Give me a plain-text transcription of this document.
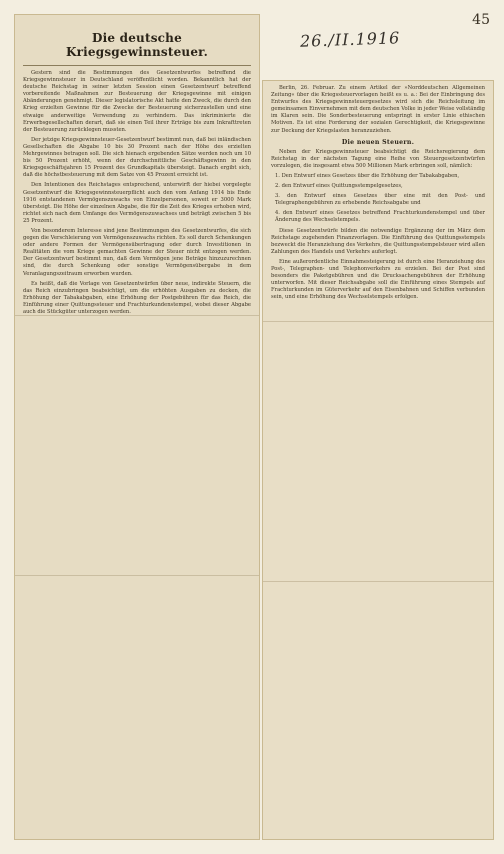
45
26./II.1916
Die deutsche Kriegsgewinnsteuer.

Gestern sind die Bestimmungen des Gesetzentwurfes betreffend die Kriegsgewinnsteuer in Deutschland veröffentlicht worden. Bekanntlich hat der deutsche Reichstag in seiner letzten Session einen Gesetzentwurf betreffend vorbereitende Maßnahmen zur Besteuerung der Kriegsgewinne mit einigen Abänderungen genehmigt. Dieser legislatorische Akt hatte den Zweck, die durch den Krieg erzielten Gewinne für die Zwecke der Besteuerung sicherzustellen und eine etwaige anderweitige Verwendung zu verhindern. Das inkriminierte die Erwerbsgesellschaften derart, daß sie einen Teil ihrer Erträge bis zum Inkrafttreten der Besteuerung zurücklegen mussten.

Der jetzige Kriegsgewinnsteuer-Gesetzentwurf bestimmt nun, daß bei inländischen Gesellschaften die Abgabe 10 bis 30 Prozent nach der Höhe des erzielten Mehrgewinnes betragen soll. Die sich hienach ergebenden Sätze werden noch um 10 bis 50 Prozent erhöht, wenn der durchschnittliche Geschäftsgewinn in den Kriegsgeschäftsjahren 15 Prozent des Grundkapitals übersteigt. Danach ergibt sich, daß die höchstbesteuerung mit dem Satze von 45 Prozent erreicht ist.

Den Intentionen des Reichstages entsprechend, unterwirft der hiebei vorgelegte Gesetzentwurf die Kriegsgewinnsteuerpflicht auch den vom Anfang 1914 bis Ende 1916 entstandenen Vermögenszuwachs von Einzelpersonen, soweit er 3000 Mark übersteigt. Die Höhe der einzelnen Abgabe, die für die Zeit des Krieges erhoben wird, richtet sich nach dem Umfange des Vermögenszuwachses und beträgt zwischen 5 bis 25 Prozent.

Von besonderem Interesse sind jene Bestimmungen des Gesetzentwurfes, die sich gegen die Verschleierung von Vermögenszuwachs richten. Es soll durch Schenkungen oder andere Formen der Vermögensübertragung oder durch Investitionen in Realitäten die vom Kriege gemachten Gewinne der Steuer nicht entzogen werden. Der Gesetzentwurf bestimmt nun, daß dem Vermögen jene Beträge hinzuzurechnen sind, die durch Schenkung oder sonstige Vermögensübergabe in dem Veranlagungszeitraum erworben wurden.

Es heißt, daß die Vorlage von Gesetzentwürfen über neue, indirekte Steuern, die das Reich einzubringen beabsichtigt, um die erhöhten Ausgaben zu decken, die Erhöhung der Tabakabgaben, eine Erhöhung der Postgebühren für das Reich, die Einführung einer Quittungssteuer und Frachturkundenstempel, wobei dieser Abgabe auch die Stückgüter unterzogen werden.

Berlin, 26. Februar. Zu einem Artikel der »Norddeutschen Allgemeinen Zeitung« über die Kriegssteuervorlagen heißt es u. a.: Bei der Einbringung des Entwurfes des Kriegsgewinnsteuergesetzes wird sich die Reichsleitung im gemeinsamen Einvernehmen mit dem deutschen Volke in jeder Weise vollständig im Klaren sein. Die Sonderbesteuerung entspringt in erster Linie ethischen Motiven. Es ist eine Forderung der sozialen Gerechtigkeit, die Kriegsgewinne zur Deckung der Kriegslasten heranzuziehen.

Die neuen Steuern.

Neben der Kriegsgewinnsteuer beabsichtigt die Reichsregierung dem Reichstag in der nächsten Tagung eine Reihe von Steuergesetzentwürfen vorzulegen, die insgesamt etwa 500 Millionen Mark erbringen soll, nämlich:

1. Den Entwurf eines Gesetzes über die Erhöhung der Tabakabgaben,

2. den Entwurf eines Quittungsstempelgesetzes,

3. den Entwurf eines Gesetzes über eine mit den Post- und Telegraphengebühren zu erhebende Reichsabgabe und

4. den Entwurf eines Gesetzes betreffend Frachturkundenstempel und über Änderung des Wechselstempels.

Diese Gesetzentwürfe bilden die notwendige Ergänzung der im März dem Reichstage zugehenden Finanzvorlagen. Die Einführung des Quittungsstempels bezweckt die Heranziehung des Verkehrs, die Quittungsstempelsteuer wird allen Zahlungen des Handels und Verkehrs auferlegt.

Eine außerordentliche Einnahmesteigerung ist durch eine Heranziehung des Post-, Telegraphen- und Telephonverkehrs zu erzielen. Bei der Post sind besonders die Paketgebühren und die Drucksachengebühren der Erhöhung unterworfen. Mit dieser Reichsabgabe soll die Einführung eines Stempels auf Frachturkunden im Güterverkehr auf den Eisenbahnen und Schiffen verbunden sein, und eine Erhöhung des Wechselstempels erfolgen.
